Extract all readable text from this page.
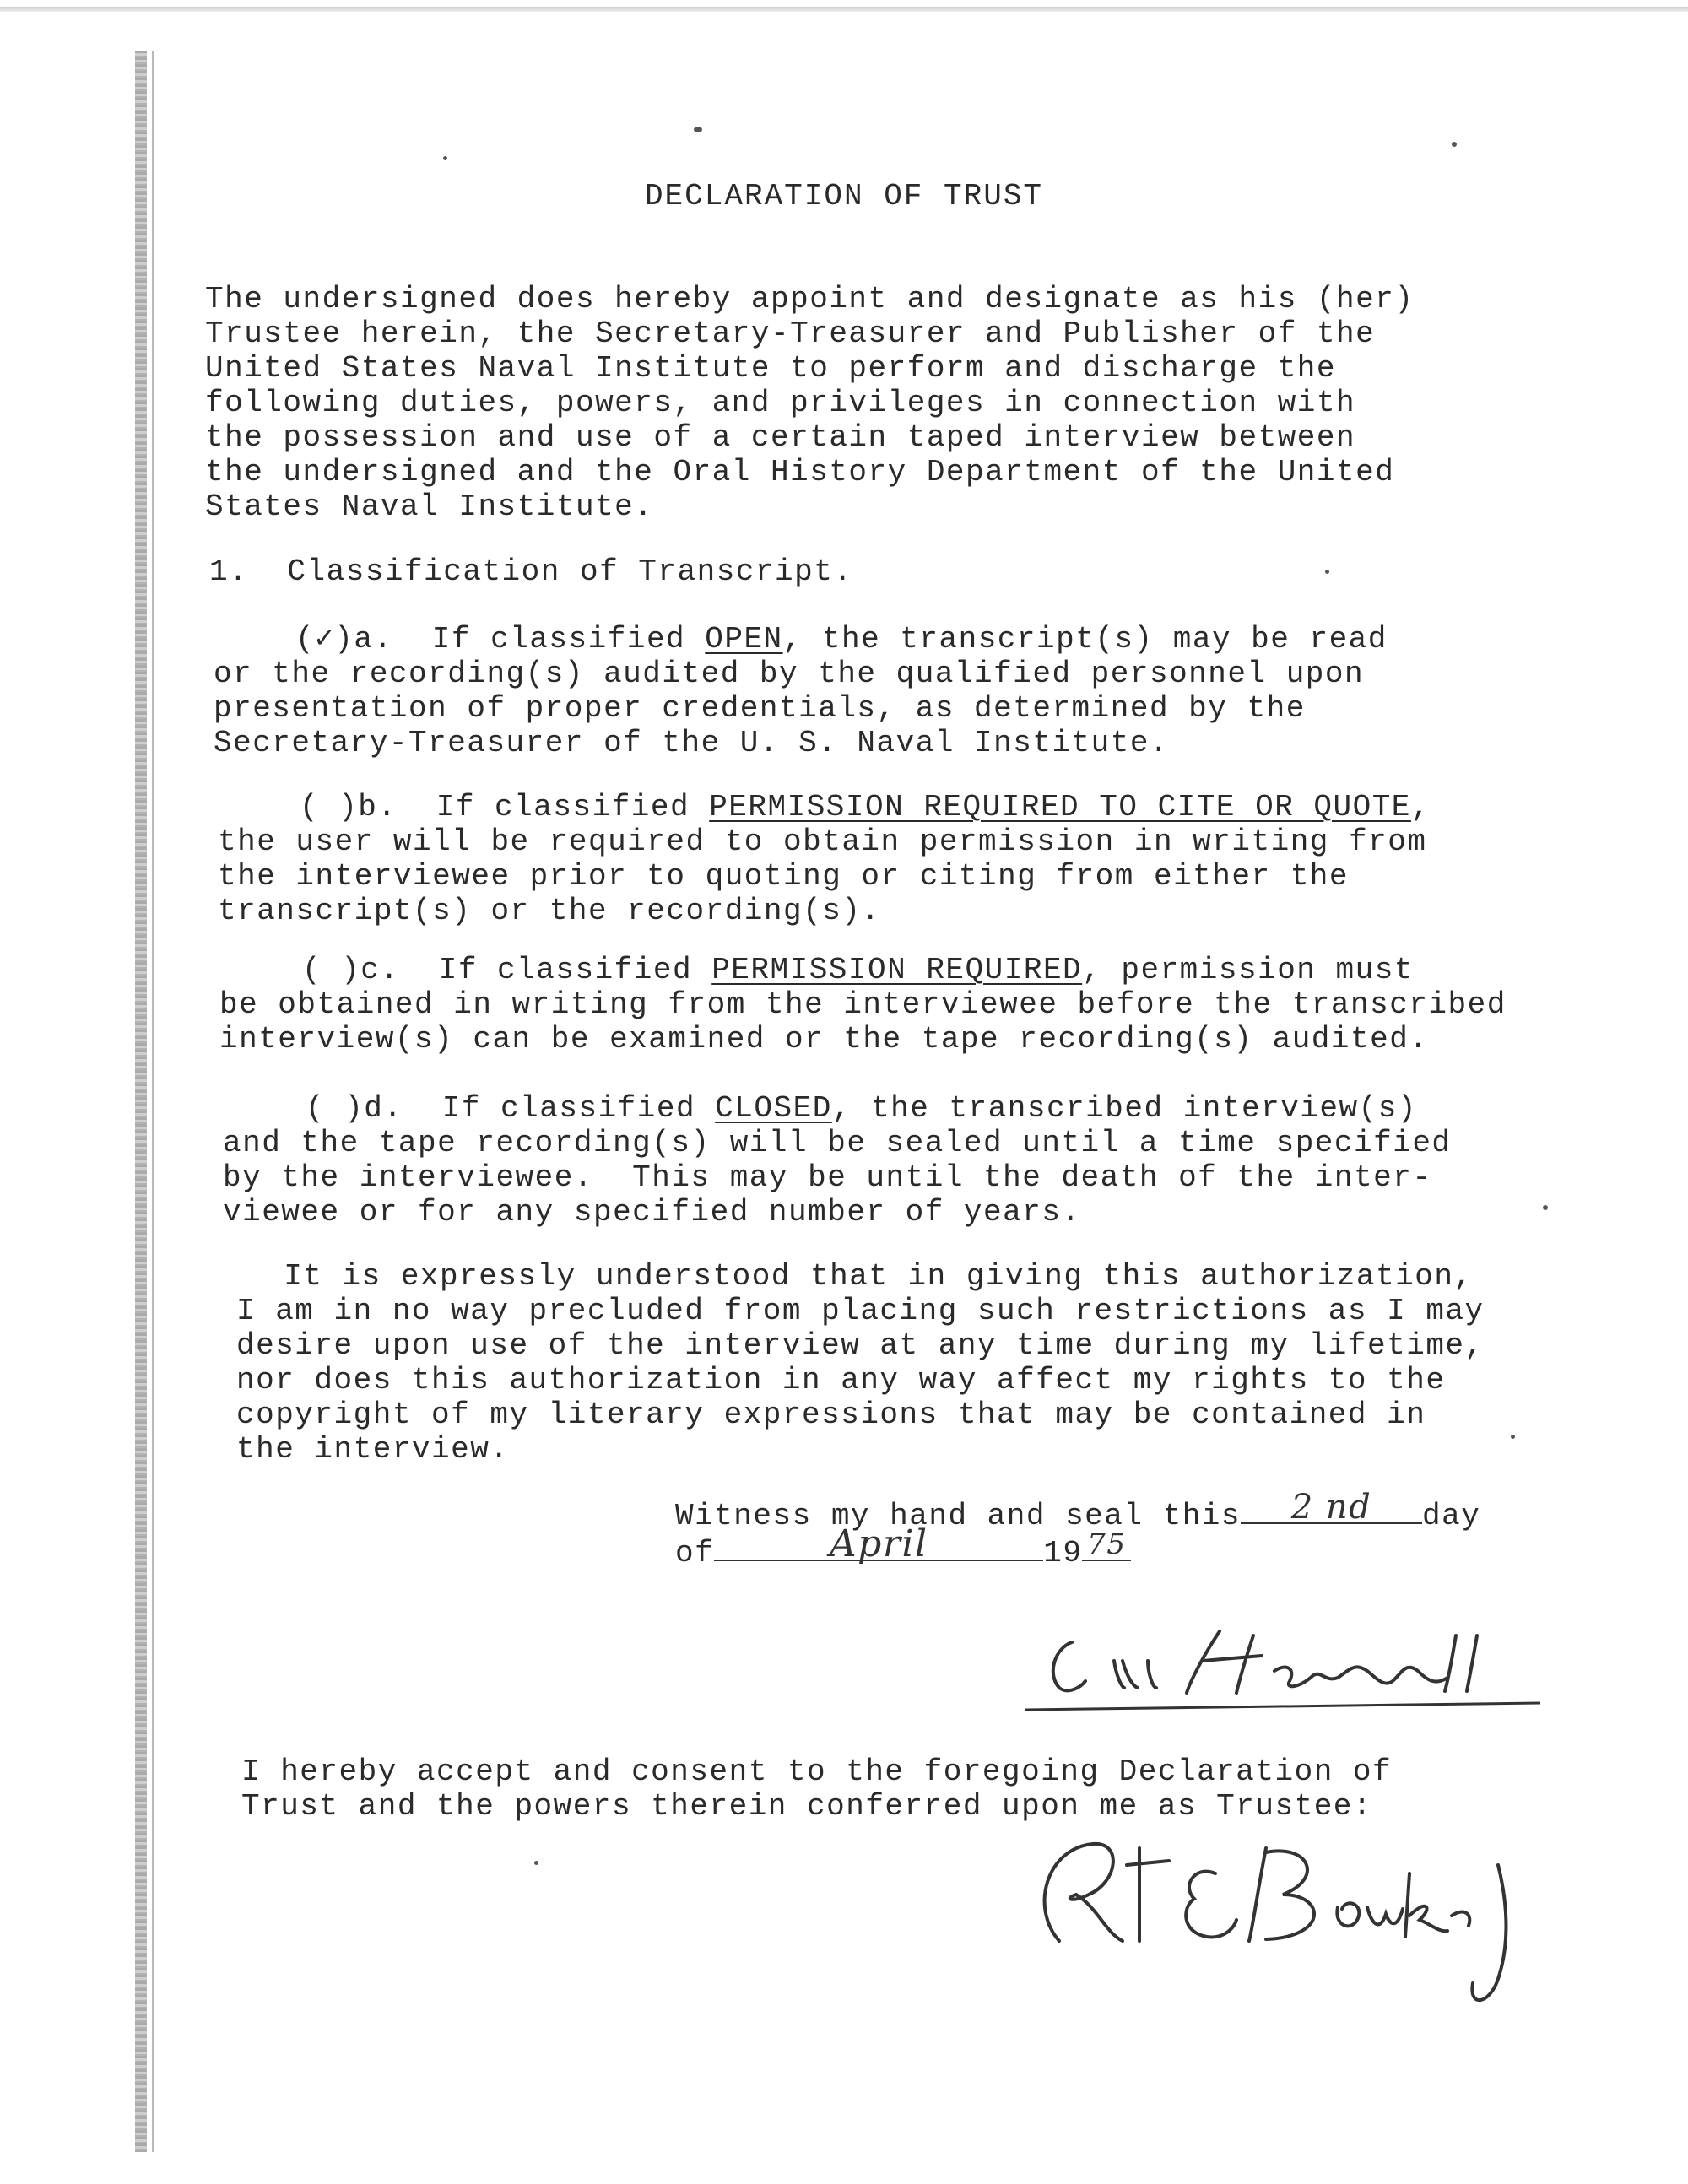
DECLARATION OF TRUST
The undersigned does hereby appoint and designate as his (her)
Trustee herein, the Secretary-Treasurer and Publisher of the
United States Naval Institute to perform and discharge the
following duties, powers, and privileges in connection with
the possession and use of a certain taped interview between
the undersigned and the Oral History Department of the United
States Naval Institute.
1.  Classification of Transcript.
(✓)a.  If classified OPEN, the transcript(s) may be read
or the recording(s) audited by the qualified personnel upon
presentation of proper credentials, as determined by the
Secretary-Treasurer of the U. S. Naval Institute.
( )b.  If classified PERMISSION REQUIRED TO CITE OR QUOTE,
the user will be required to obtain permission in writing from
the interviewee prior to quoting or citing from either the
transcript(s) or the recording(s).
( )c.  If classified PERMISSION REQUIRED, permission must
be obtained in writing from the interviewee before the transcribed
interview(s) can be examined or the tape recording(s) audited.
( )d.  If classified CLOSED, the transcribed interview(s)
and the tape recording(s) will be sealed until a time specified
by the interviewee.  This may be until the death of the inter-
viewee or for any specified number of years.
It is expressly understood that in giving this authorization,
I am in no way precluded from placing such restrictions as I may
desire upon use of the interview at any time during my lifetime,
nor does this authorization in any way affect my rights to the
copyright of my literary expressions that may be contained in
the interview.
Witness my hand and seal this 2 nd day
of	April	19 75
I hereby accept and consent to the foregoing Declaration of
Trust and the powers therein conferred upon me as Trustee:
